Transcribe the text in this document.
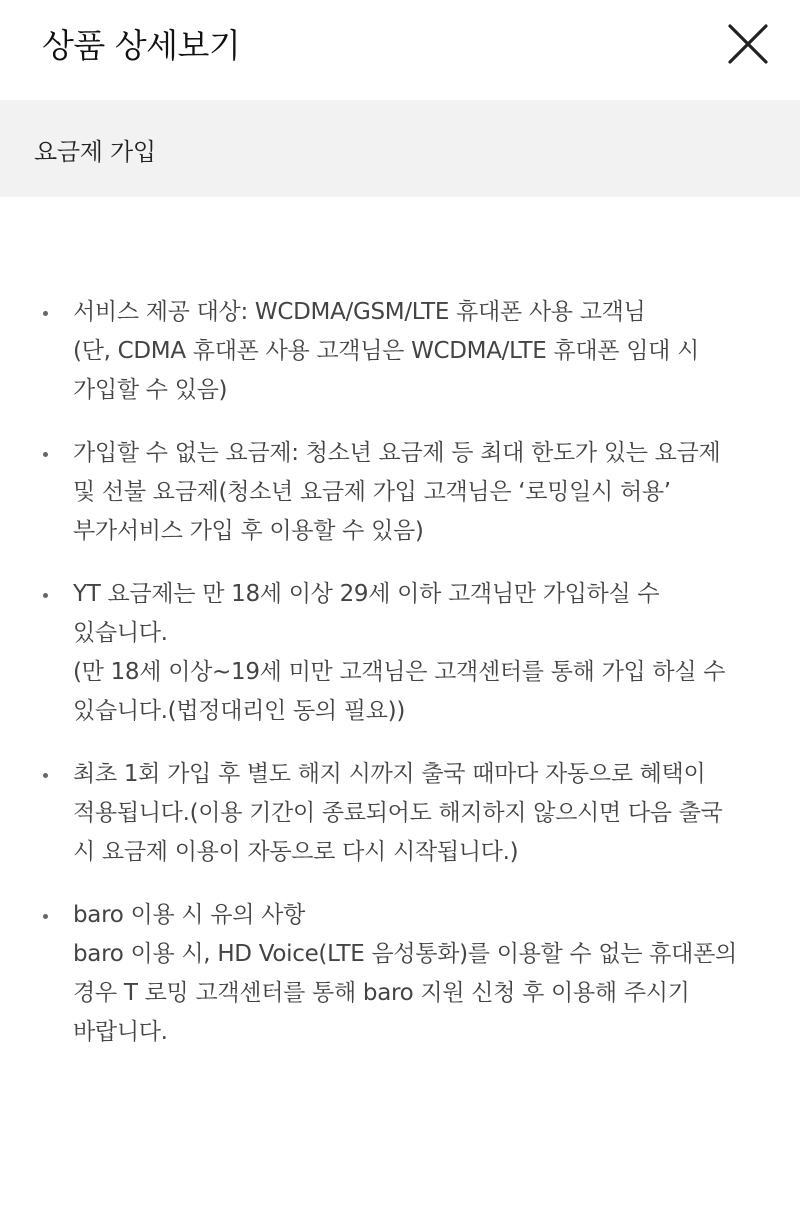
상품 상세보기
요금제 가입
서비스 제공 대상: WCDMA/GSM/LTE 휴대폰 사용 고객님
(단, CDMA 휴대폰 사용 고객님은 WCDMA/LTE 휴대폰 임대 시
가입할 수 있음)
가입할 수 없는 요금제: 청소년 요금제 등 최대 한도가 있는 요금제
및 선불 요금제(청소년 요금제 가입 고객님은 ‘로밍일시 허용’
부가서비스 가입 후 이용할 수 있음)
YT 요금제는 만 18세 이상 29세 이하 고객님만 가입하실 수
있습니다.
(만 18세 이상~19세 미만 고객님은 고객센터를 통해 가입 하실 수
있습니다.(법정대리인 동의 필요))
최초 1회 가입 후 별도 해지 시까지 출국 때마다 자동으로 혜택이
적용됩니다.(이용 기간이 종료되어도 해지하지 않으시면 다음 출국
시 요금제 이용이 자동으로 다시 시작됩니다.)
baro 이용 시 유의 사항
baro 이용 시, HD Voice(LTE 음성통화)를 이용할 수 없는 휴대폰의
경우 T 로밍 고객센터를 통해 baro 지원 신청 후 이용해 주시기
바랍니다.
